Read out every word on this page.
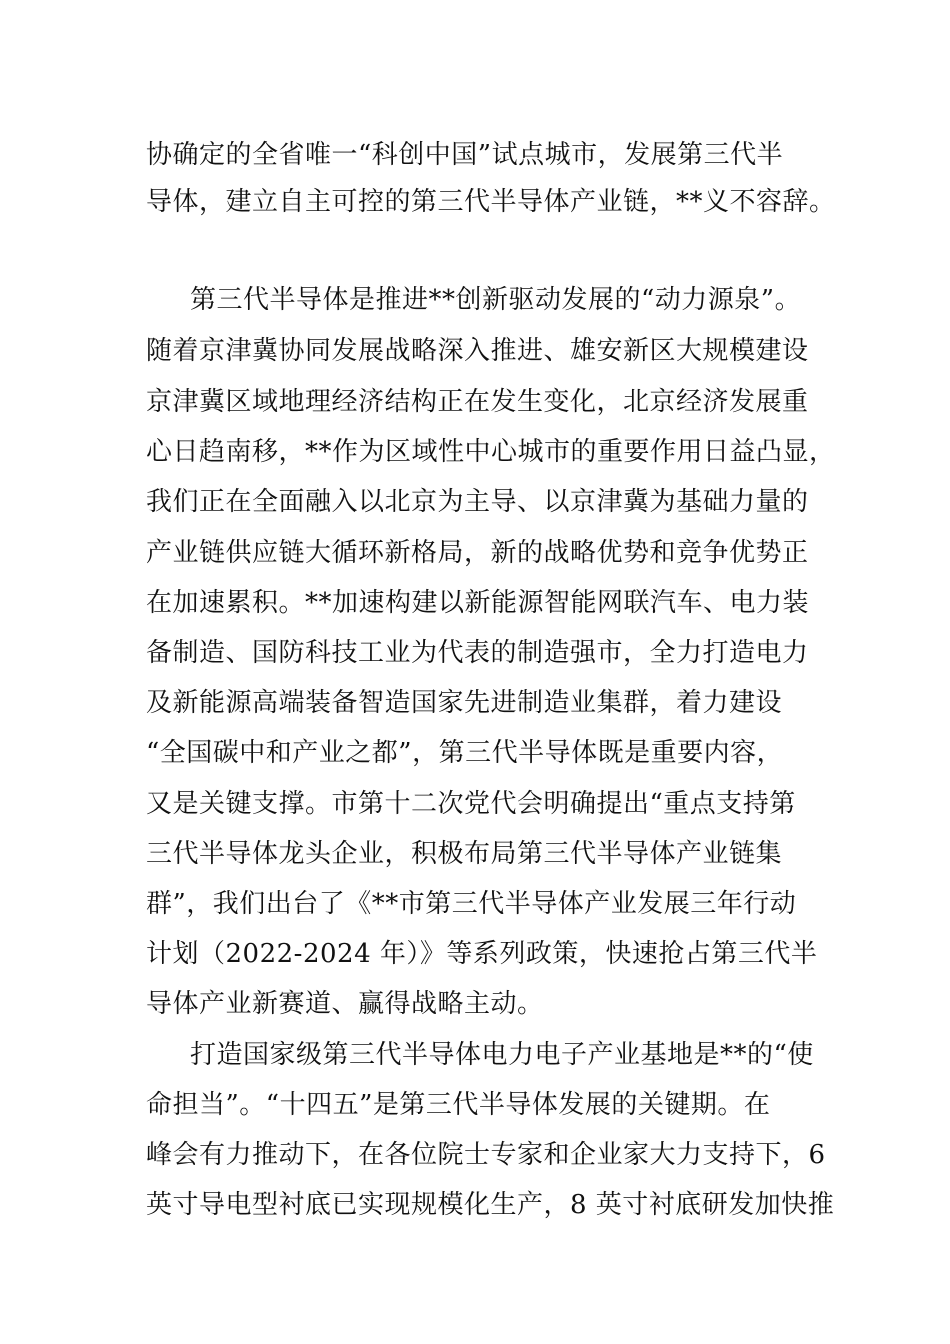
协确定的全省唯一“科创中国”试点城市，发展第三代半
导体，建立自主可控的第三代半导体产业链，**义不容辞。
第三代半导体是推进**创新驱动发展的“动力源泉”。
随着京津冀协同发展战略深入推进、雄安新区大规模建设
京津冀区域地理经济结构正在发生变化，北京经济发展重
心日趋南移，**作为区域性中心城市的重要作用日益凸显，
我们正在全面融入以北京为主导、以京津冀为基础力量的
产业链供应链大循环新格局，新的战略优势和竞争优势正
在加速累积。**加速构建以新能源智能网联汽车、电力装
备制造、国防科技工业为代表的制造强市，全力打造电力
及新能源高端装备智造国家先进制造业集群，着力建设
“全国碳中和产业之都”，第三代半导体既是重要内容，
又是关键支撑。市第十二次党代会明确提出“重点支持第
三代半导体龙头企业，积极布局第三代半导体产业链集
群”，我们出台了《**市第三代半导体产业发展三年行动
计划（2022-2024 年）》等系列政策，快速抢占第三代半
导体产业新赛道、赢得战略主动。
打造国家级第三代半导体电力电子产业基地是**的“使
命担当”。“十四五”是第三代半导体发展的关键期。在
峰会有力推动下，在各位院士专家和企业家大力支持下，6
英寸导电型衬底已实现规模化生产，8 英寸衬底研发加快推
